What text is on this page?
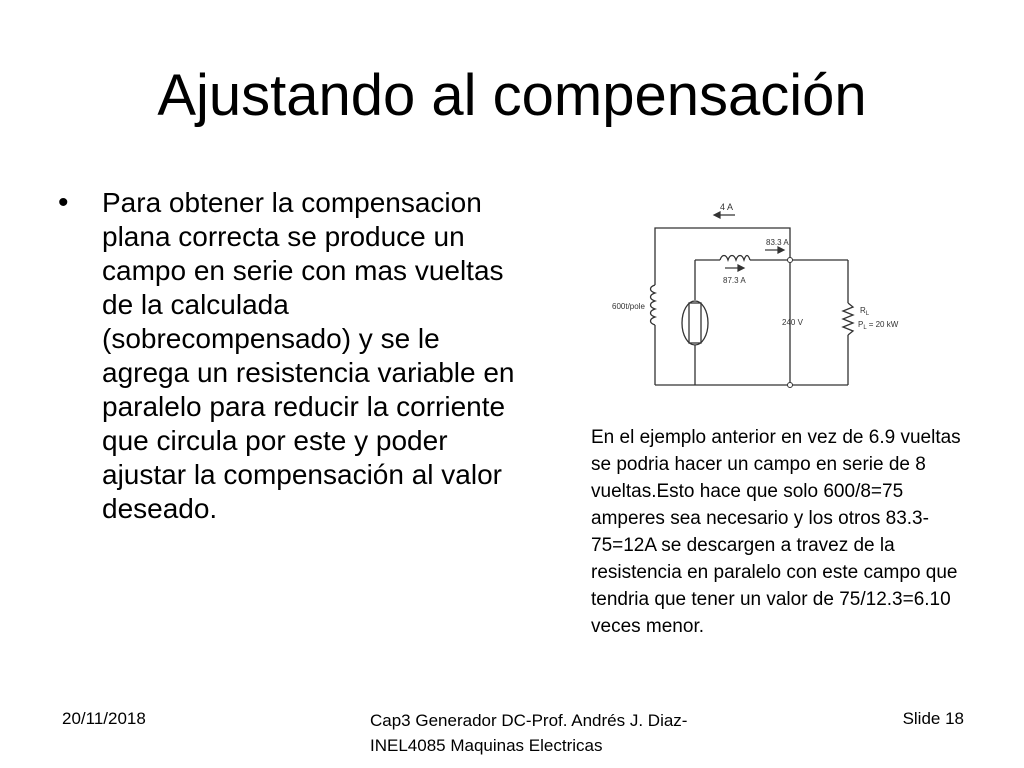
Ajustando al compensación
• Para obtener la compensacion plana correcta se produce un campo en serie con mas vueltas de la calculada (sobrecompensado) y se le agrega un resistencia variable en paralelo para reducir la corriente que circula por este y poder ajustar la compensación al valor deseado.
4 A
83.3 A
87.3 A
600t/pole
240 V
$R_L$
$P_L = 20$ kW
En el ejemplo anterior en vez de 6.9 vueltas se podria hacer un campo en serie de 8 vueltas.Esto hace que solo 600/8=75 amperes sea necesario y los otros 83.3-75=12A se descargen a travez de la resistencia en paralelo con este campo que tendria que tener un valor de 75/12.3=6.10 veces menor.
20/11/2018	Cap3 Generador DC-Prof. Andrés J. Diaz-INEL4085 Maquinas Electricas
Slide 18
